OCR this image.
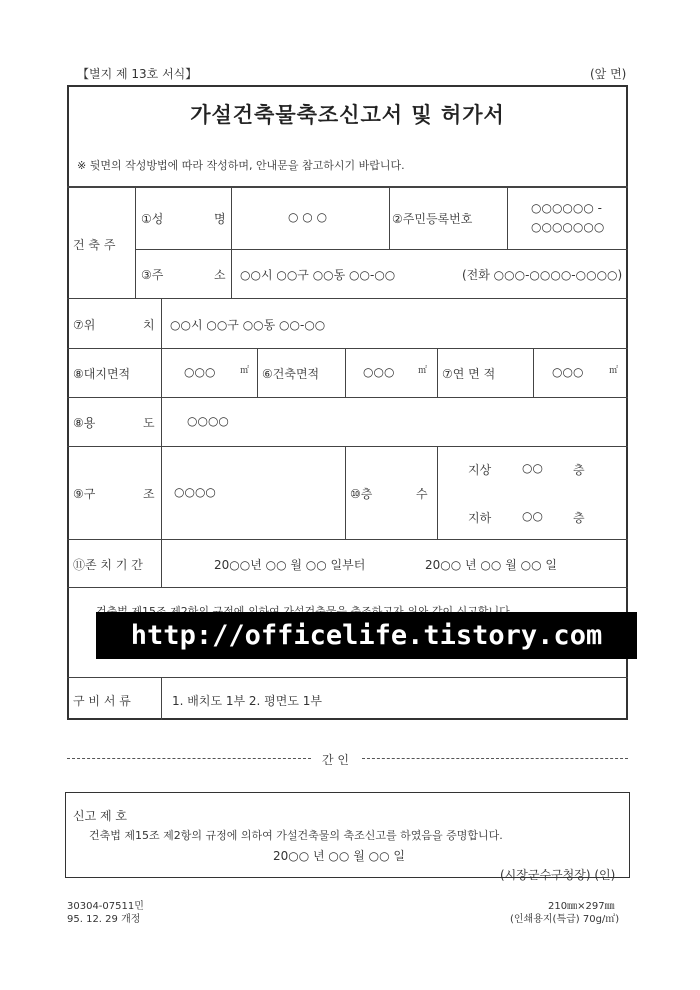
【별지 제 13호 서식】	(앞 면)
가설건축물축조신고서 및 허가서
※ 뒷면의 작성방법에 따라 작성하며, 안내문을 참고하시기 바랍니다.
건 축 주
①성	명	○ ○ ○	②주민등록번호
○○○○○○ -
○○○○○○○
③주	소 ○○시 ○○구 ○○동 ○○-○○	(전화 ○○○-○○○○-○○○○)
⑦위	치 ○○시 ○○구 ○○동 ○○-○○
⑧대지면적	○○○	㎡ ⑥건축면적	○○○	㎡ ⑦연 면 적	○○○	㎡
⑧용	도	○○○○
⑨구	조 ○○○○	⑩층	수
지상	○○	층
지하	○○	층
⑪존 치 기 간	20○○년 ○○ 월 ○○ 일부터	20○○ 년 ○○ 월 ○○ 일
http://officelife.tistory.com
구 비 서 류	1. 배치도 1부 2. 평면도 1부
간 인
신고 제 호
건축법 제15조 제2항의 규정에 의하여 가설건축물의 축조신고를 하였음을 증명합니다.
20○○ 년 ○○ 월 ○○ 일
(시장군수구청장) (인)
30304-07511민
95. 12. 29 개정
210㎜×297㎜
(인쇄용지(특급) 70g/㎡)
